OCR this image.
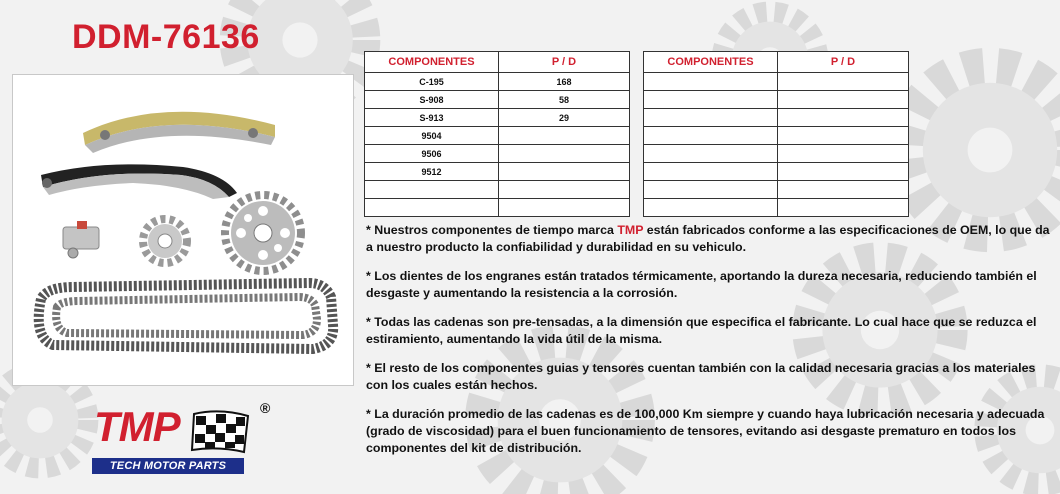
DDM-76136
COMPONENTES	P / D
C-195	168
S-908	58
S-913	29
9504	
9506	
9512	

COMPONENTES	P / D

* Nuestros componentes de tiempo marca TMP están fabricados conforme a las especificaciones de OEM, lo que da a nuestro producto la confiabilidad y durabilidad en su vehiculo.

* Los dientes de los engranes están tratados térmicamente, aportando la dureza necesaria, reduciendo también el desgaste y aumentando la resistencia a la corrosión.

* Todas las cadenas son pre-tensadas, a la dimensión que especifica el fabricante. Lo cual hace que se reduzca el estiramiento, aumentando la vida útil de la misma.

* El resto de los componentes guias y tensores cuentan también con la calidad necesaria gracias a los materiales con los cuales están hechos.

* La duración promedio de las cadenas es de 100,000 Km siempre y cuando haya lubricación necesaria y adecuada (grado de viscosidad) para el buen funcionamiento de tensores, evitando asi desgaste prematuro en todos los componentes del kit de distribución.

TMP	®
TECH MOTOR PARTS
